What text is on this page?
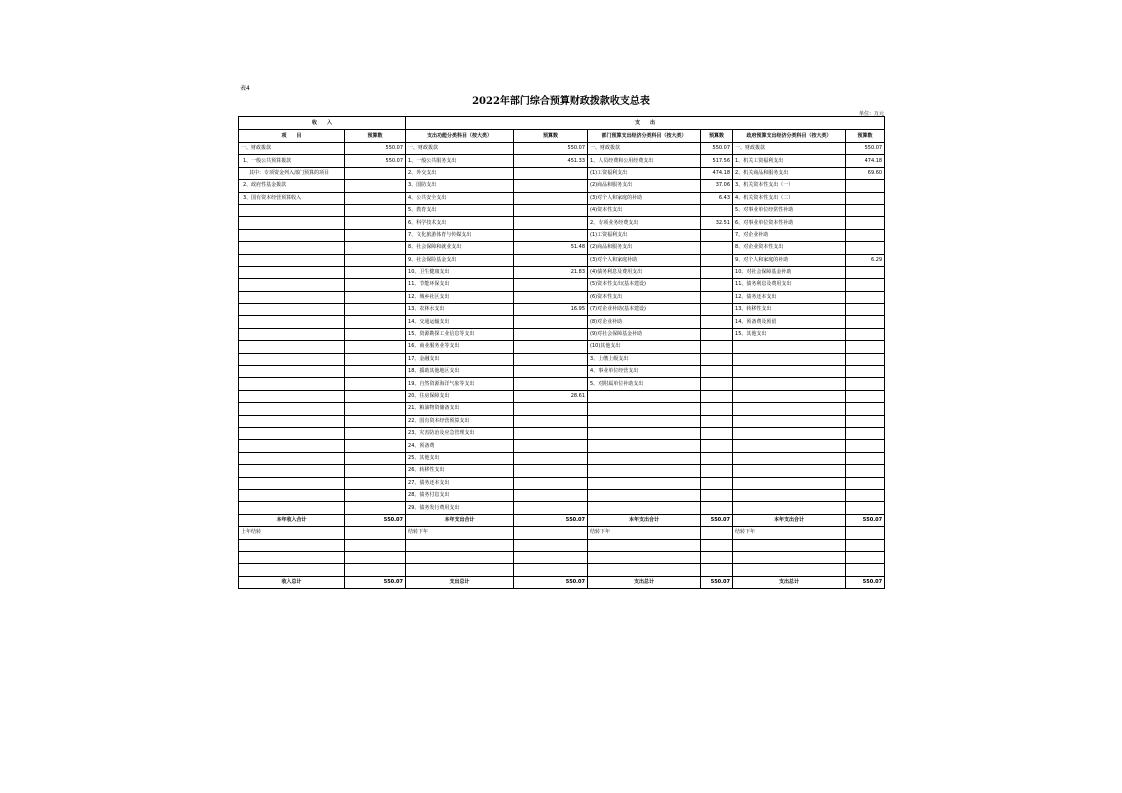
表4
2022年部门综合预算财政拨款收支总表
单位：万元
收　　入		支　　出					
项　　目	预算数	支出功能分类科目（按大类）	预算数	部门预算支出经济分类科目（按大类）	预算数	政府预算支出经济分类科目（按大类）	预算数
一、财政拨款	550.07	一、财政拨款	550.07	一、财政拨款	550.07	一、财政拨款	550.07
1、一般公共预算拨款	550.07	1、一般公共服务支出	451.33	1、人员经费和公用经费支出	517.56	1、机关工资福利支出	474.18
其中：专项资金列入部门预算的项目		2、外交支出		(1)工资福利支出	474.18	2、机关商品和服务支出	69.60
2、政府性基金拨款		3、国防支出		(2)商品和服务支出	37.06	3、机关资本性支出（一）	
3、国有资本经营预算收入		4、公共安全支出		(3)对个人和家庭的补助	6.43	4、机关资本性支出（二）	
		5、教育支出		(4)资本性支出		5、对事业单位经常性补助	
		6、科学技术支出		2、专项业务经费支出	32.51	6、对事业单位资本性补助	
		7、文化旅游体育与传媒支出		(1)工资福利支出		7、对企业补助	
		8、社会保障和就业支出	51.48	(2)商品和服务支出		8、对企业资本性支出	
		9、社会保险基金支出		(3)对个人和家庭补助		9、对个人和家庭的补助	6.29
		10、卫生健康支出	21.83	(4)债务利息及费用支出		10、对社会保障基金补助	
		11、节能环保支出		(5)资本性支出(基本建设)		11、债务利息及费用支出	
		12、城乡社区支出		(6)资本性支出		12、债务还本支出	
		13、农林水支出	16.95	(7)对企业补助(基本建设)		13、转移性支出	
		14、交通运输支出		(8)对企业补助		14、预备费及预留	
		15、资源勘探工业信息等支出		(9)对社会保障基金补助		15、其他支出	
		16、商业服务业等支出		(10)其他支出			
		17、金融支出		3、上缴上级支出			
		18、援助其他地区支出		4、事业单位经营支出			
		19、自然资源海洋气象等支出		5、对附属单位补助支出			
		20、住房保障支出	28.61				
		21、粮油物资储备支出					
		22、国有资本经营预算支出					
		23、灾害防治及应急管理支出					
		24、预备费					
		25、其他支出					
		26、转移性支出					
		27、债务还本支出					
		28、债务付息支出					
		29、债务发行费用支出					
本年收入合计	550.07	本年支出合计	550.07	本年支出合计	550.07	本年支出合计	550.07
上年结转		结转下年		结转下年		结转下年	

收入总计	550.07	支出总计	550.07	支出总计	550.07	支出总计	550.07
